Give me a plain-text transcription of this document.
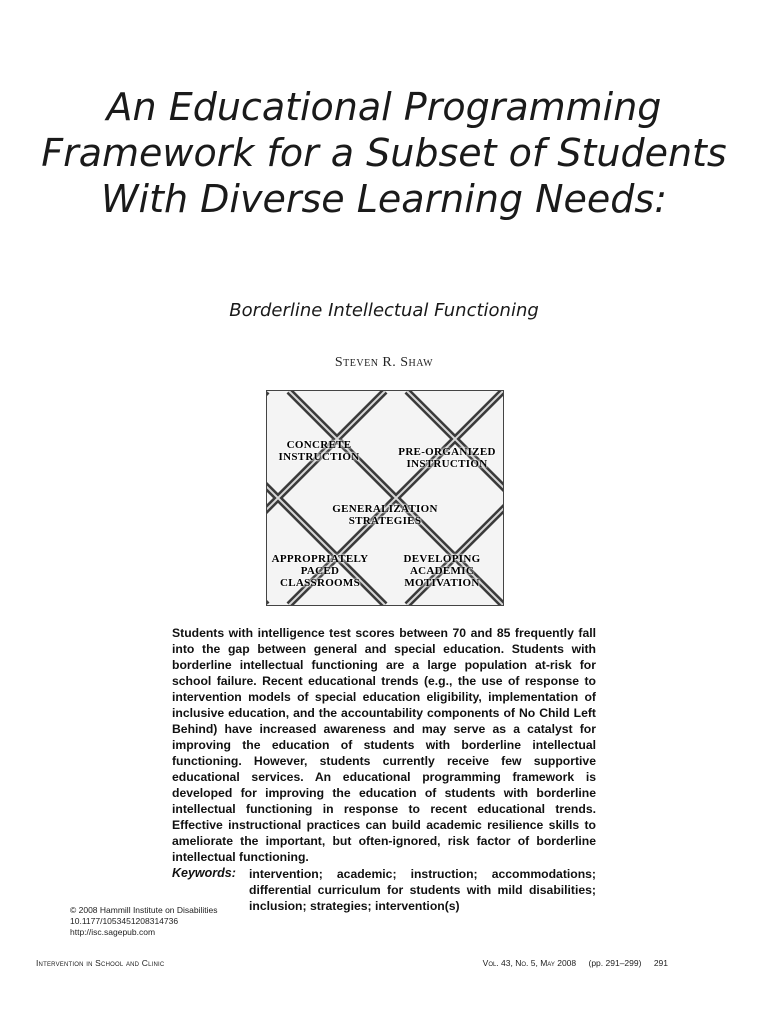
An Educational Programming Framework for a Subset of Students With Diverse Learning Needs:
Borderline Intellectual Functioning
Steven R. Shaw
CONCRETE
INSTRUCTION	PRE-ORGANIZED
INSTRUCTION
GENERALIZATION
STRATEGIES
APPROPRIATELY
PACED
CLASSROOMS
DEVELOPING
ACADEMIC
MOTIVATION

Students with intelligence test scores between 70 and 85 frequently fall into the gap between general and special education. Students with borderline intellectual functioning are a large population at-risk for school failure. Recent educational trends (e.g., the use of response to intervention models of special education eligibility, implementation of inclusive education, and the accountability components of No Child Left Behind) have increased awareness and may serve as a catalyst for improving the education of students with borderline intellectual functioning. However, students currently receive few supportive educational services. An educational programming framework is developed for improving the education of students with borderline intellectual functioning in response to recent educational trends. Effective instructional practices can build academic resilience skills to ameliorate the important, but often-ignored, risk factor of borderline intellectual functioning.

Keywords: intervention; academic; instruction; accommodations; differential curriculum for students with mild disabilities; inclusion; strategies; intervention(s)
© 2008 Hammill Institute on Disabilities
10.1177/1053451208314736
http://isc.sagepub.com
Intervention in School and Clinic	Vol. 43, No. 5, May 2008 (pp. 291–299) 291
